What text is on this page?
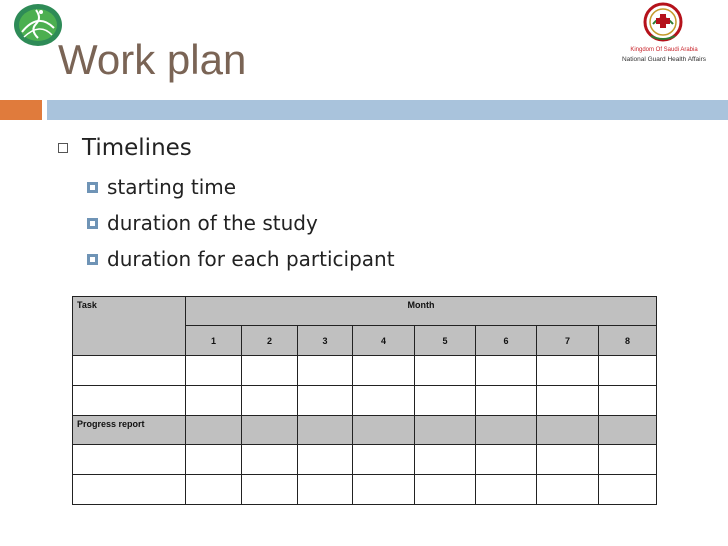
Kingdom Of Saudi Arabia
National Guard Health Affairs
Work plan
Timelines
starting time
duration of the study
duration for each participant
Task	Month							
	1	2	3	4	5	6	7	8

Progress report								
